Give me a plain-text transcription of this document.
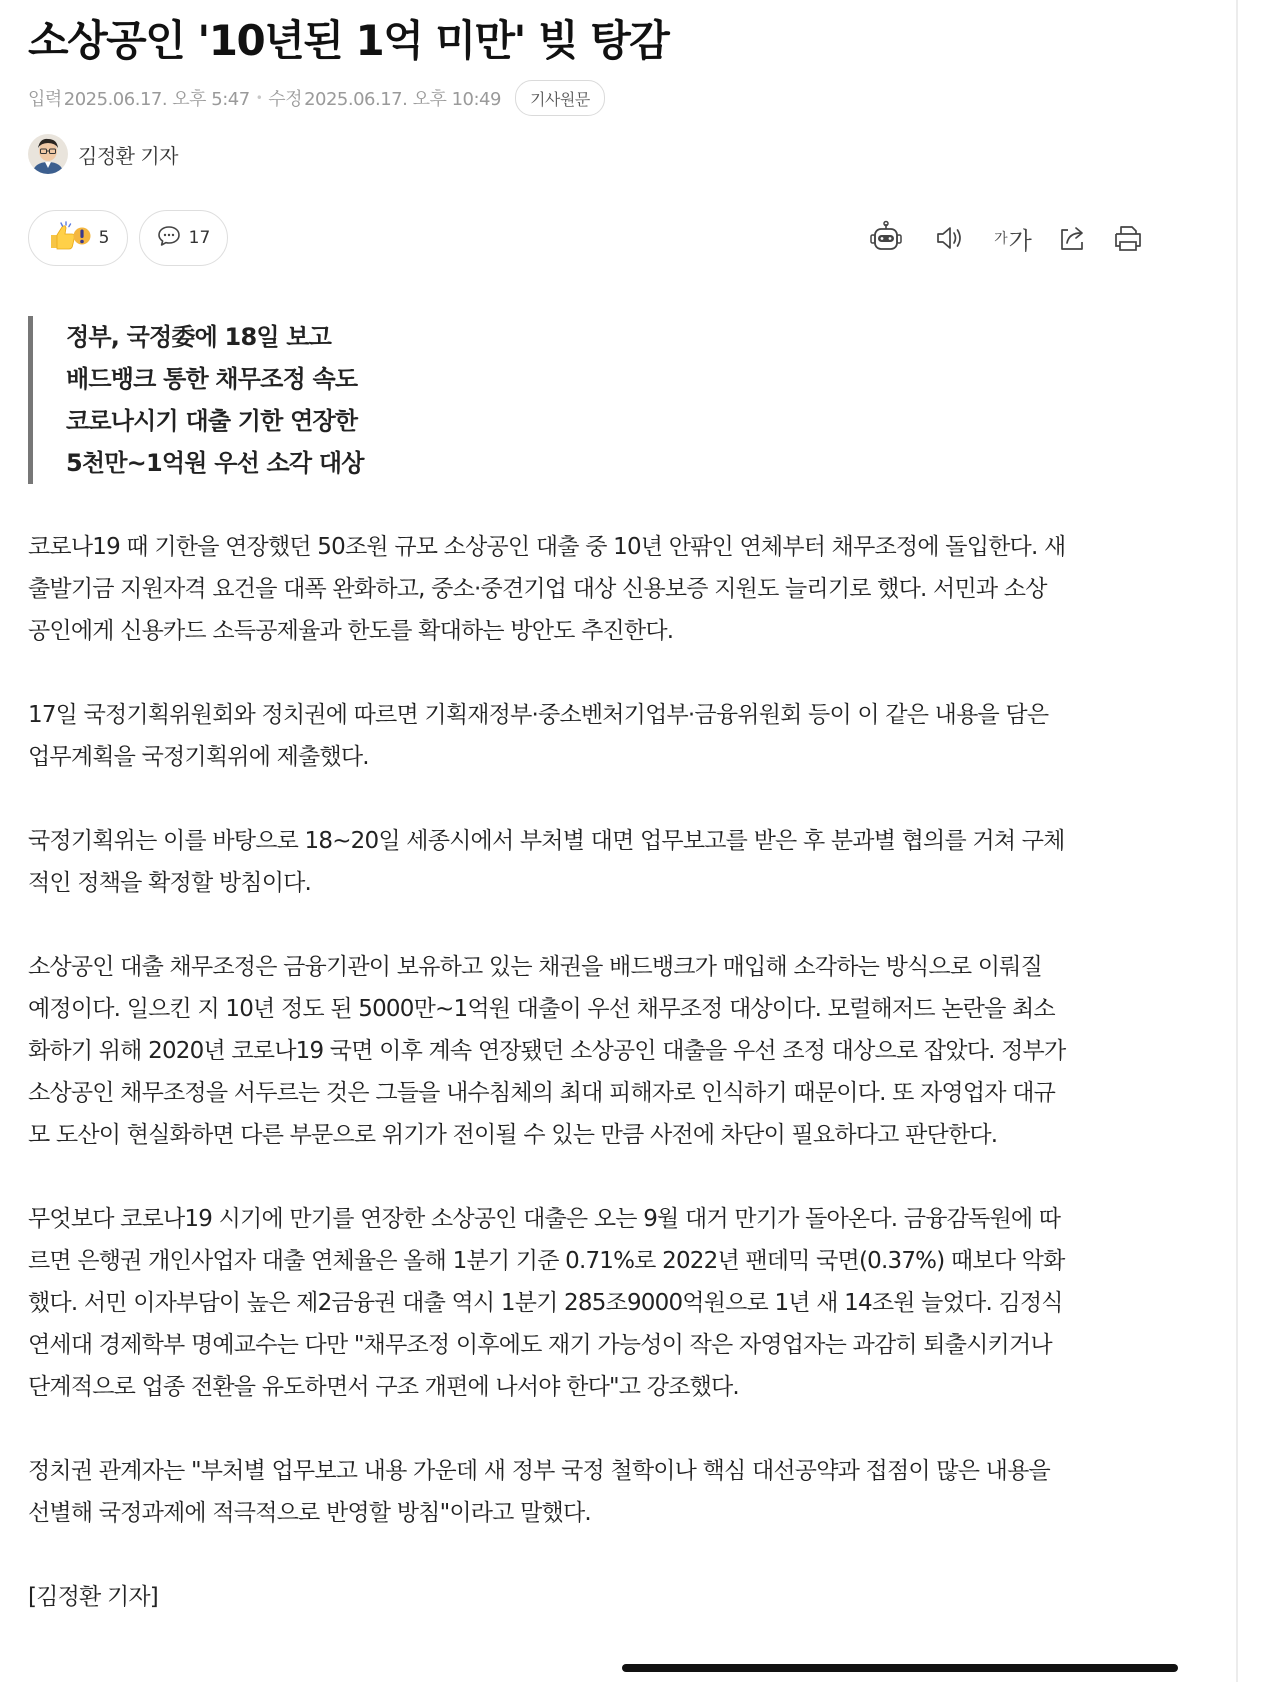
소상공인 '10년된 1억 미만' 빚 탕감
입력 2025.06.17. 오후 5:47 • 수정 2025.06.17. 오후 10:49	기사원문
김정환 기자
5	17	가 가
정부, 국정委에 18일 보고
배드뱅크 통한 채무조정 속도
코로나시기 대출 기한 연장한
5천만~1억원 우선 소각 대상

코로나19 때 기한을 연장했던 50조원 규모 소상공인 대출 중 10년 안팎인 연체부터 채무조정에 돌입한다. 새
출발기금 지원자격 요건을 대폭 완화하고, 중소·중견기업 대상 신용보증 지원도 늘리기로 했다. 서민과 소상
공인에게 신용카드 소득공제율과 한도를 확대하는 방안도 추진한다.

17일 국정기획위원회와 정치권에 따르면 기획재정부·중소벤처기업부·금융위원회 등이 이 같은 내용을 담은
업무계획을 국정기획위에 제출했다.

국정기획위는 이를 바탕으로 18~20일 세종시에서 부처별 대면 업무보고를 받은 후 분과별 협의를 거쳐 구체
적인 정책을 확정할 방침이다.

소상공인 대출 채무조정은 금융기관이 보유하고 있는 채권을 배드뱅크가 매입해 소각하는 방식으로 이뤄질
예정이다. 일으킨 지 10년 정도 된 5000만~1억원 대출이 우선 채무조정 대상이다. 모럴해저드 논란을 최소
화하기 위해 2020년 코로나19 국면 이후 계속 연장됐던 소상공인 대출을 우선 조정 대상으로 잡았다. 정부가
소상공인 채무조정을 서두르는 것은 그들을 내수침체의 최대 피해자로 인식하기 때문이다. 또 자영업자 대규
모 도산이 현실화하면 다른 부문으로 위기가 전이될 수 있는 만큼 사전에 차단이 필요하다고 판단한다.

무엇보다 코로나19 시기에 만기를 연장한 소상공인 대출은 오는 9월 대거 만기가 돌아온다. 금융감독원에 따
르면 은행권 개인사업자 대출 연체율은 올해 1분기 기준 0.71%로 2022년 팬데믹 국면(0.37%) 때보다 악화
했다. 서민 이자부담이 높은 제2금융권 대출 역시 1분기 285조9000억원으로 1년 새 14조원 늘었다. 김정식
연세대 경제학부 명예교수는 다만 "채무조정 이후에도 재기 가능성이 작은 자영업자는 과감히 퇴출시키거나
단계적으로 업종 전환을 유도하면서 구조 개편에 나서야 한다"고 강조했다.

정치권 관계자는 "부처별 업무보고 내용 가운데 새 정부 국정 철학이나 핵심 대선공약과 접점이 많은 내용을
선별해 국정과제에 적극적으로 반영할 방침"이라고 말했다.

[김정환 기자]
